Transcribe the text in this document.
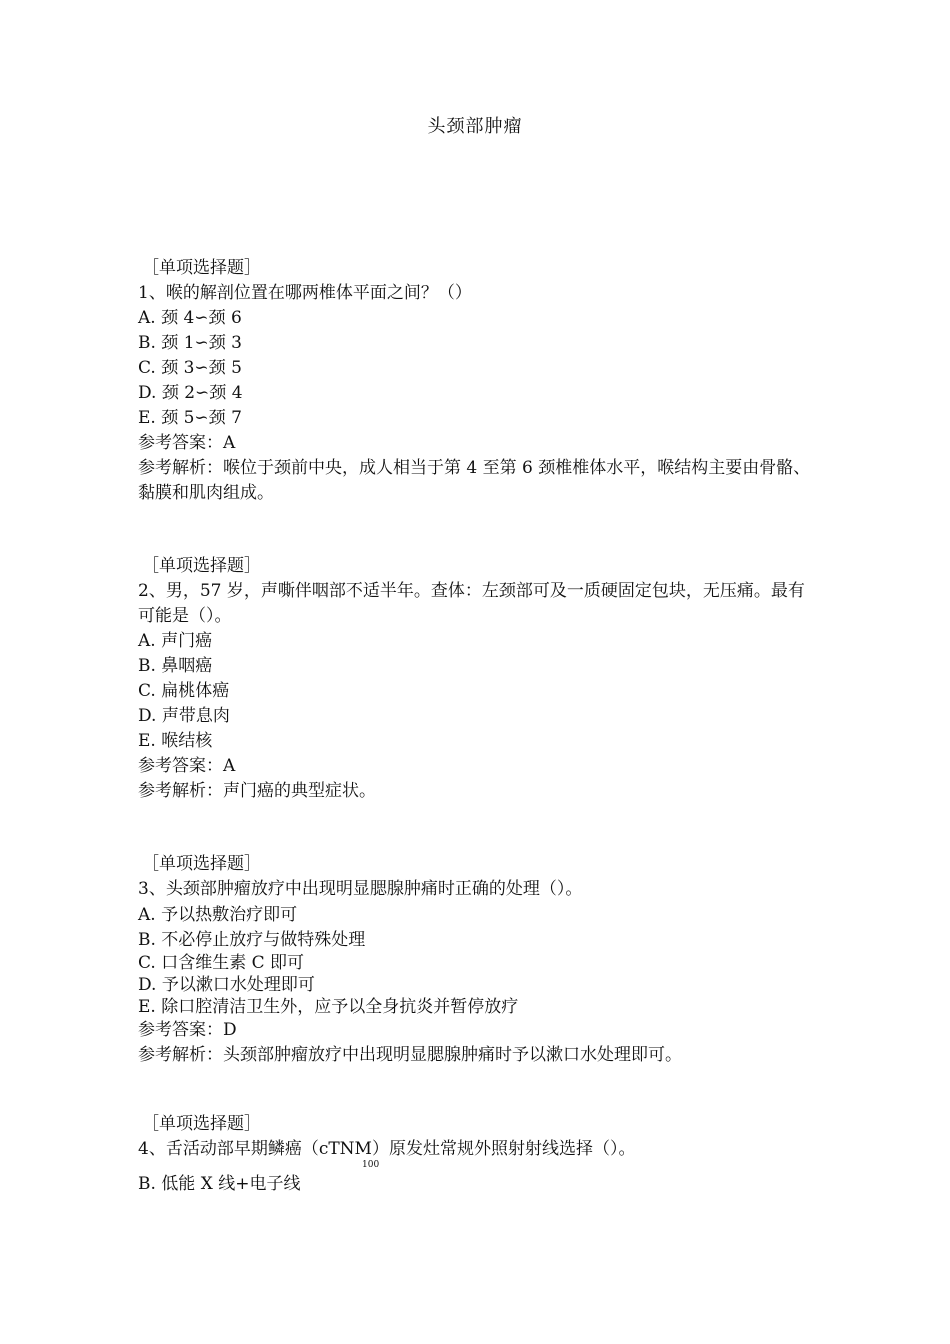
头颈部肿瘤
［单项选择题］
1、喉的解剖位置在哪两椎体平面之间？（）
A. 颈 4∽颈 6
B. 颈 1∽颈 3
C. 颈 3∽颈 5
D. 颈 2∽颈 4
E. 颈 5∽颈 7
参考答案：A
参考解析：喉位于颈前中央，成人相当于第 4 至第 6 颈椎椎体水平，喉结构主要由骨骼、黏膜和肌肉组成。
［单项选择题］
2、男，57 岁，声嘶伴咽部不适半年。查体：左颈部可及一质硬固定包块，无压痛。最有可能是（）。
A. 声门癌
B. 鼻咽癌
C. 扁桃体癌
D. 声带息肉
E. 喉结核
参考答案：A
参考解析：声门癌的典型症状。
［单项选择题］
3、头颈部肿瘤放疗中出现明显腮腺肿痛时正确的处理（）。
A. 予以热敷治疗即可
B. 不必停止放疗与做特殊处理
C. 口含维生素 C 即可
D. 予以漱口水处理即可
E. 除口腔清洁卫生外，应予以全身抗炎并暂停放疗
参考答案：D
参考解析：头颈部肿瘤放疗中出现明显腮腺肿痛时予以漱口水处理即可。
［单项选择题］
4、舌活动部早期鳞癌（cTNM）原发灶常规外照射射线选择（）。
B. 低能 X 线+电子线
100
